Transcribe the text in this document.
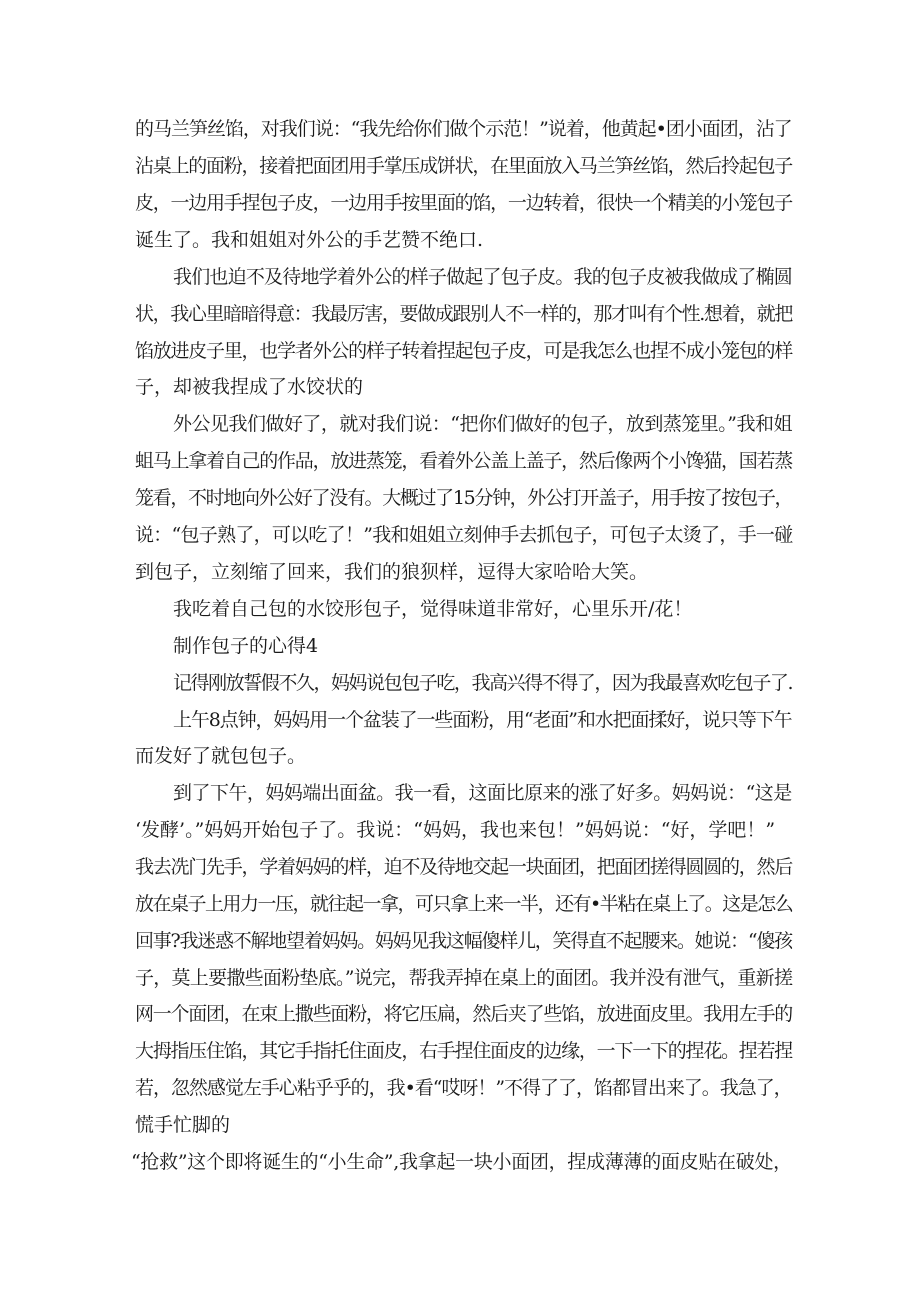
的马兰笋丝馅，对我们说：“我先给你们做个示范！”说着，他黄起•团小面团，沾了
沾桌上的面粉，接着把面团用手掌压成饼状，在里面放入马兰笋丝馅，然后拎起包子
皮，一边用手捏包子皮，一边用手按里面的馅，一边转着，很快一个精美的小笼包子
诞生了。我和姐姐对外公的手艺赞不绝口.
我们也迫不及待地学着外公的样子做起了包子皮。我的包子皮被我做成了椭圆
状，我心里暗暗得意：我最厉害，要做成跟别人不一样的，那才叫有个性.想着，就把
馅放进皮子里，也学者外公的样子转着捏起包子皮，可是我怎么也捏不成小笼包的样
子，却被我捏成了水饺状的
外公见我们做好了，就对我们说：“把你们做好的包子，放到蒸笼里。”我和姐
蛆马上拿着自己的作品，放进蒸笼，看着外公盖上盖子，然后像两个小馋猫，国若蒸
笼看，不时地向外公好了没有。大概过了15分钟，外公打开盖子，用手按了按包子，
说：“包子熟了，可以吃了！”我和姐姐立刻伸手去抓包子，可包子太烫了，手一碰
到包子，立刻缩了回来，我们的狼狈样，逗得大家哈哈大笑。
我吃着自己包的水饺形包子，觉得味道非常好，心里乐开/花！
制作包子的心得4
记得刚放誓假不久，妈妈说包包子吃，我高兴得不得了，因为我最喜欢吃包子了.
上午8点钟，妈妈用一个盆装了一些面粉，用“老面”和水把面揉好，说只等下午
而发好了就包包子。
到了下午，妈妈端出面盆。我一看，这面比原来的涨了好多。妈妈说：“这是
‘发酵’。”妈妈开始包子了。我说：“妈妈，我也来包！”妈妈说：“好，学吧！”
我去冼门先手，学着妈妈的样，迫不及待地交起一块面团，把面团搓得圆圆的，然后
放在桌子上用力一压，就往起一拿，可只拿上来一半，还有•半粘在桌上了。这是怎么
回事?我迷惑不解地望着妈妈。妈妈见我这幅傻样儿，笑得直不起腰来。她说：“傻孩
子，莫上要撒些面粉垫底。”说完，帮我弄掉在桌上的面团。我并没有泄气，重新搓
网一个面团，在束上撒些面粉，将它压扁，然后夹了些馅，放进面皮里。我用左手的
大拇指压住馅，其它手指托住面皮，右手捏住面皮的边缘，一下一下的捏花。捏若捏
若，忽然感觉左手心粘乎乎的，我•看“哎呀！”不得了了，馅都冒出来了。我急了，
慌手忙脚的
“抢救”这个即将诞生的“小生命”,我拿起一块小面团，捏成薄薄的面皮贴在破处，
